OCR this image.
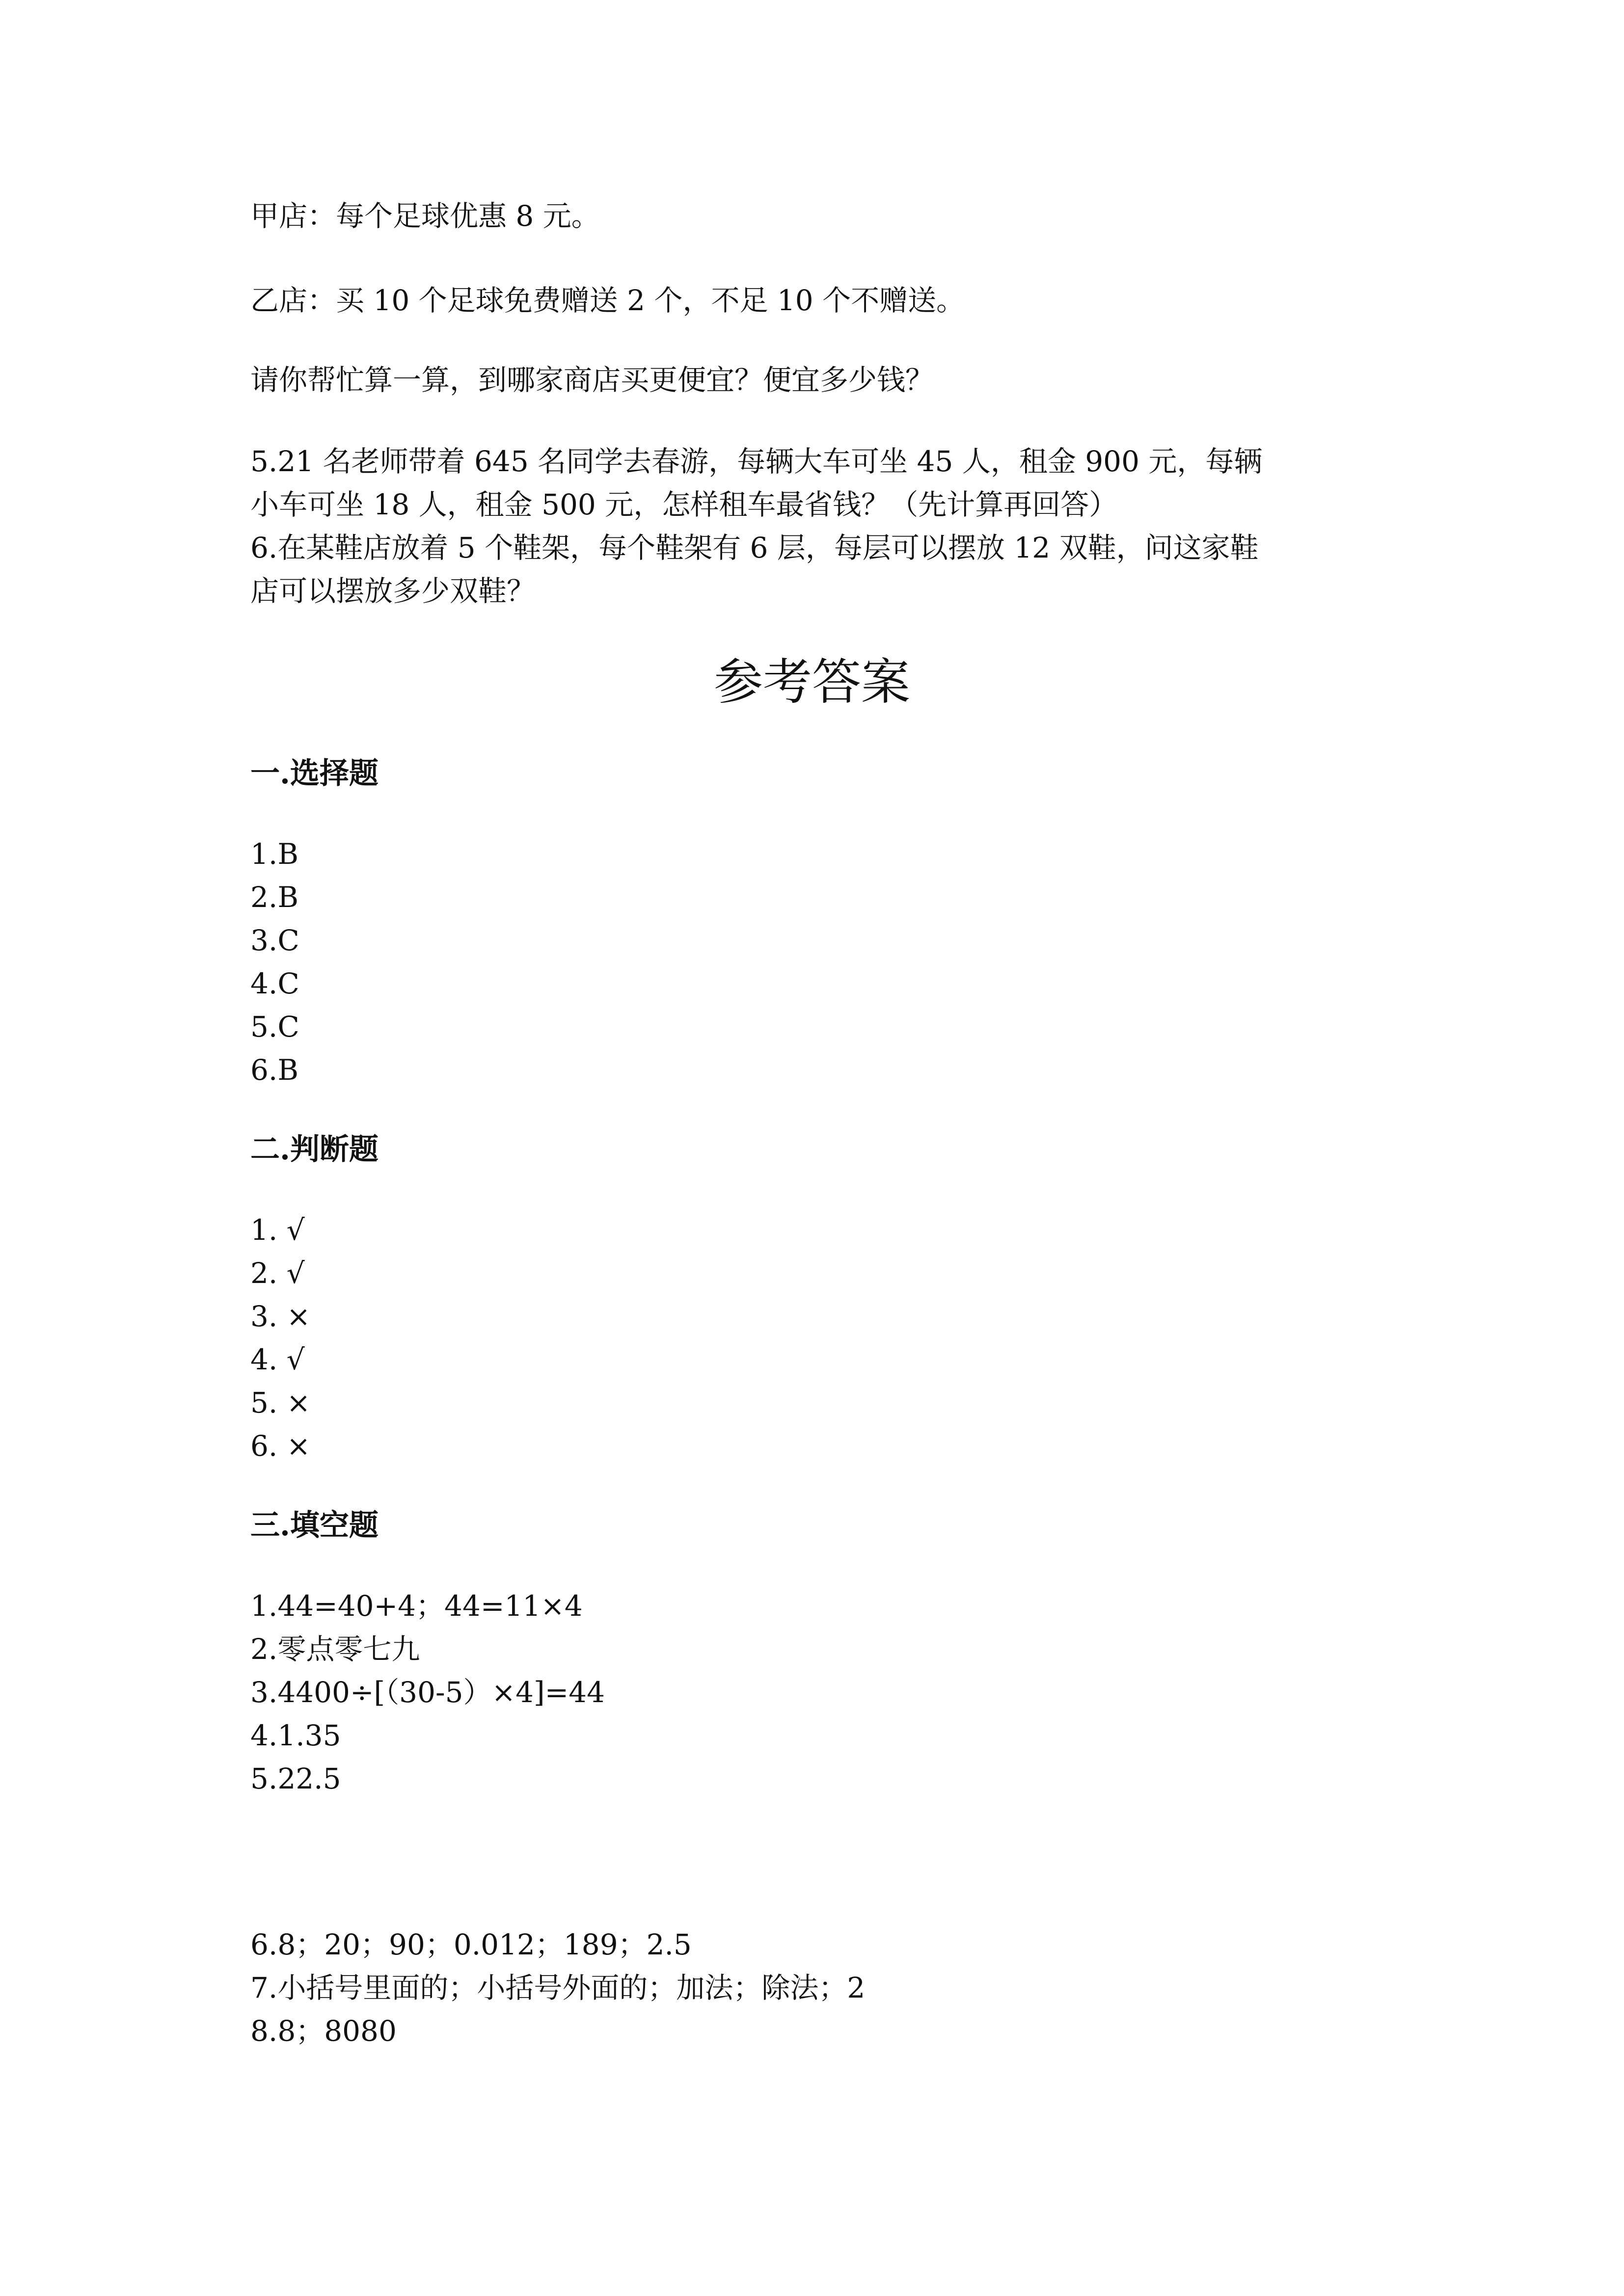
甲店：每个足球优惠 8 元。
乙店：买 10 个足球免费赠送 2 个，不足 10 个不赠送。
请你帮忙算一算，到哪家商店买更便宜？便宜多少钱？
5.21 名老师带着 645 名同学去春游，每辆大车可坐 45 人，租金 900 元，每辆
小车可坐 18 人，租金 500 元，怎样租车最省钱？（先计算再回答）
6.在某鞋店放着 5 个鞋架，每个鞋架有 6 层，每层可以摆放 12 双鞋，问这家鞋
店可以摆放多少双鞋？
参考答案
一.选择题
1.B
2.B
3.C
4.C
5.C
6.B
二.判断题
1. √
2. √
3. ×
4. √
5. ×
6. ×
三.填空题
1.44=40+4；44=11×4
2.零点零七九
3.4400÷[（30-5）×4]=44
4.1.35
5.22.5
6.8；20；90；0.012；189；2.5
7.小括号里面的；小括号外面的；加法；除法；2
8.8；8080
